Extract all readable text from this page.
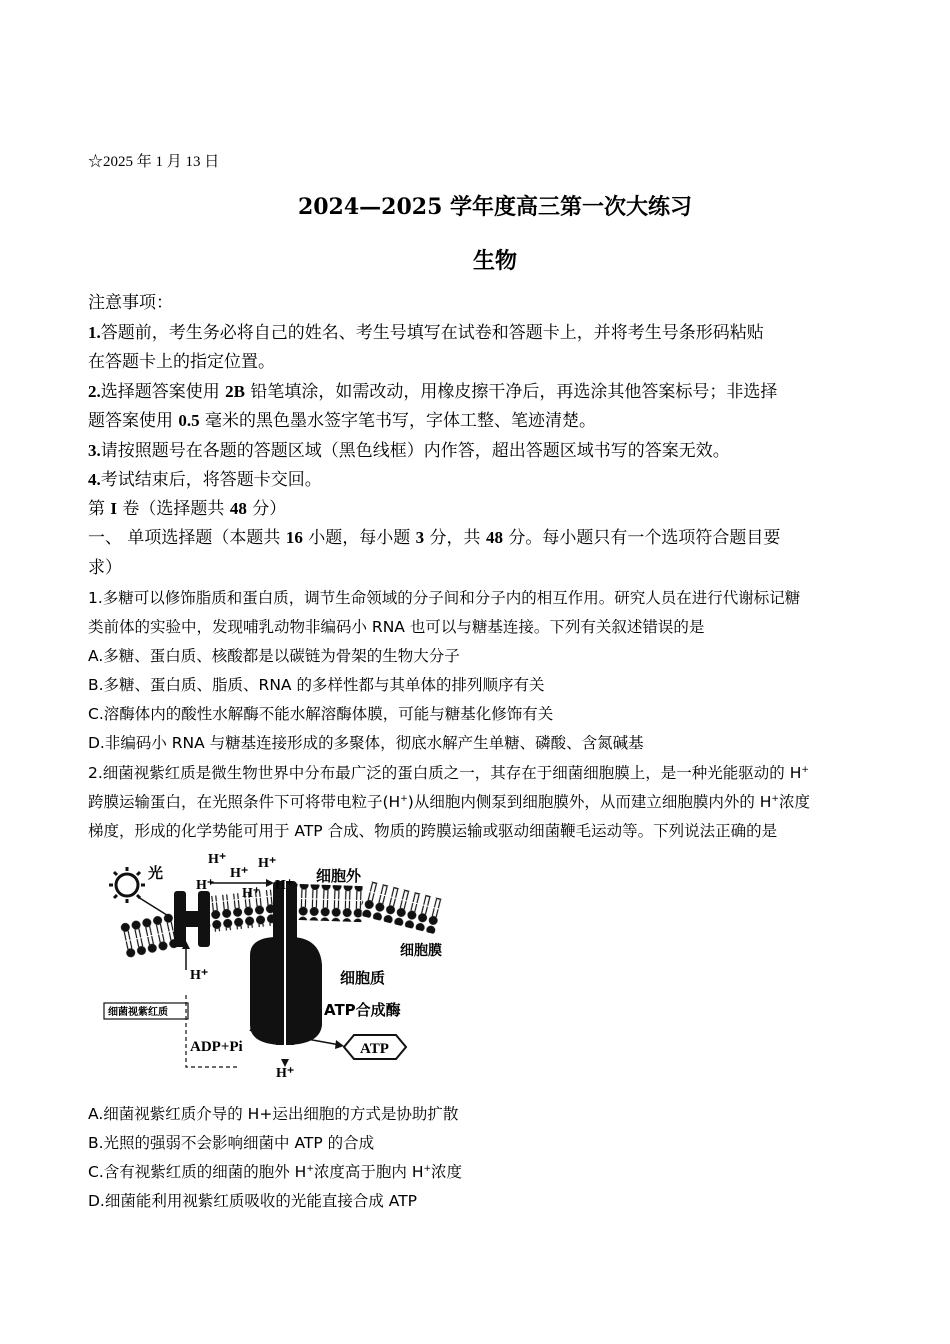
☆2025 年 1 月 13 日
2024—2025 学年度高三第一次大练习
生物
注意事项：
1.答题前，考生务必将自己的姓名、考生号填写在试卷和答题卡上，并将考生号条形码粘贴
在答题卡上的指定位置。
2.选择题答案使用 2B 铅笔填涂，如需改动，用橡皮擦干净后，再选涂其他答案标号；非选择
题答案使用 0.5 毫米的黑色墨水签字笔书写，字体工整、笔迹清楚。
3.请按照题号在各题的答题区域（黑色线框）内作答，超出答题区域书写的答案无效。
4.考试结束后，将答题卡交回。
第 I 卷（选择题共 48 分）
一、 单项选择题（本题共 16 小题，每小题 3 分，共 48 分。每小题只有一个选项符合题目要
求）
1.多糖可以修饰脂质和蛋白质，调节生命领域的分子间和分子内的相互作用。研究人员在进行代谢标记糖
类前体的实验中，发现哺乳动物非编码小 RNA 也可以与糖基连接。下列有关叙述错误的是
A.多糖、蛋白质、核酸都是以碳链为骨架的生物大分子
B.多糖、蛋白质、脂质、RNA 的多样性都与其单体的排列顺序有关
C.溶酶体内的酸性水解酶不能水解溶酶体膜，可能与糖基化修饰有关
D.非编码小 RNA 与糖基连接形成的多聚体，彻底水解产生单糖、磷酸、含氮碱基
2.细菌视紫红质是微生物世界中分布最广泛的蛋白质之一，其存在于细菌细胞膜上，是一种光能驱动的 H+
跨膜运输蛋白，在光照条件下可将带电粒子(H+)从细胞内侧泵到细胞膜外，从而建立细胞膜内外的 H+浓度
梯度，形成的化学势能可用于 ATP 合成、物质的跨膜运输或驱动细菌鞭毛运动等。下列说法正确的是
光
H⁺ H⁺
H⁺
H⁺
H⁺
H⁺
H⁺
H⁺
细胞外
细胞膜
细胞质
ATP合成酶
细菌视紫红质
ADP+Pi	ATP
A.细菌视紫红质介导的 H+运出细胞的方式是协助扩散
B.光照的强弱不会影响细菌中 ATP 的合成
C.含有视紫红质的细菌的胞外 H+浓度高于胞内 H+浓度
D.细菌能利用视紫红质吸收的光能直接合成 ATP
